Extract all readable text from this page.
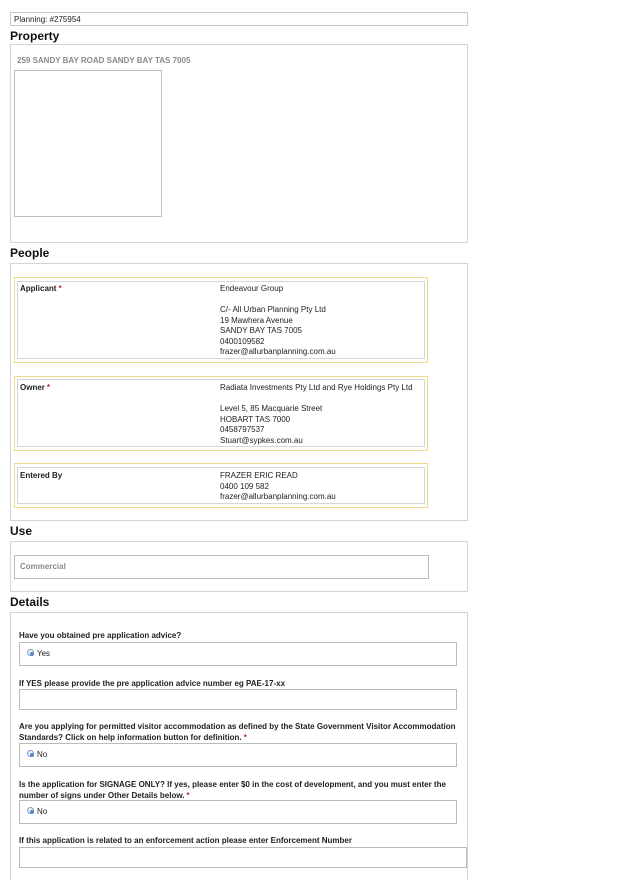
Planning: #275954
Property
259 SANDY BAY ROAD SANDY BAY TAS 7005
People
Applicant *	Endeavour Group
C/- All Urban Planning Pty Ltd
19 Mawhera Avenue
SANDY BAY TAS 7005
0400109582
frazer@allurbanplanning.com.au
Owner *	Radiata Investments Pty Ltd and Rye Holdings Pty Ltd
Level 5, 85 Macquarie Street
HOBART TAS 7000
0458797537
Stuart@sypkes.com.au
Entered By	FRAZER ERIC READ
0400 109 582
frazer@allurbanplanning.com.au
Use
Commercial
Details
Have you obtained pre application advice?
Yes
If YES please provide the pre application advice number eg PAE-17-xx
Are you applying for permitted visitor accommodation as defined by the State Government Visitor Accommodation
Standards? Click on help information button for definition. *
No
Is the application for SIGNAGE ONLY? If yes, please enter $0 in the cost of development, and you must enter the
number of signs under Other Details below. *
No
If this application is related to an enforcement action please enter Enforcement Number
